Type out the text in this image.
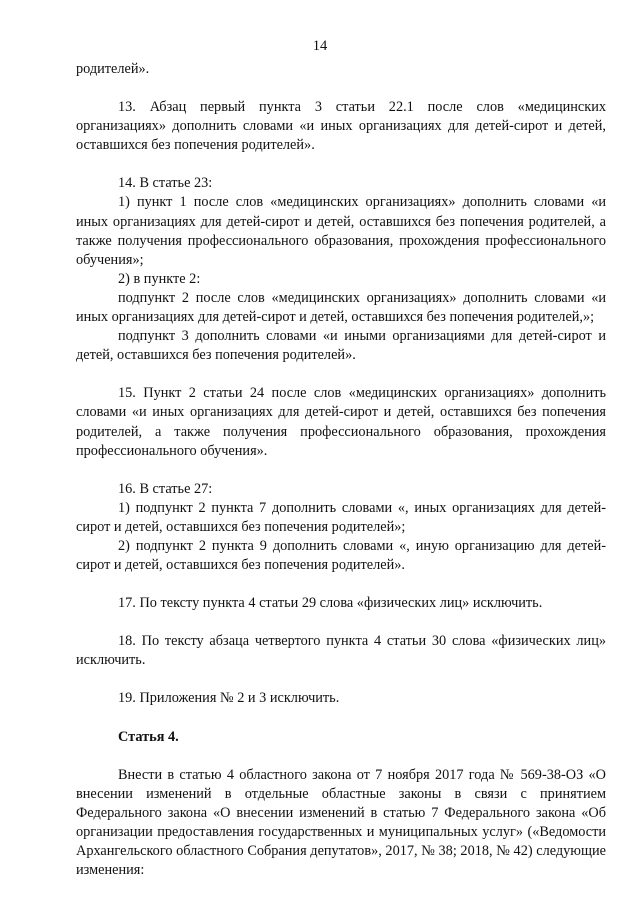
14

родителей».

13. Абзац первый пункта 3 статьи 22.1 после слов «медицинских организациях» дополнить словами «и иных организациях для детей-сирот и детей, оставшихся без попечения родителей».

14. В статье 23:

1) пункт 1 после слов «медицинских организациях» дополнить словами «и иных организациях для детей-сирот и детей, оставшихся без попечения родителей, а также получения профессионального образования, прохождения профессионального обучения»;

2) в пункте 2:

подпункт 2 после слов «медицинских организациях» дополнить словами «и иных организациях для детей-сирот и детей, оставшихся без попечения родителей,»;

подпункт 3 дополнить словами «и иными организациями для детей-сирот и детей, оставшихся без попечения родителей».

15. Пункт 2 статьи 24 после слов «медицинских организациях» дополнить словами «и иных организациях для детей-сирот и детей, оставшихся без попечения родителей, а также получения профессионального образования, прохождения профессионального обучения».

16. В статье 27:

1) подпункт 2 пункта 7 дополнить словами «, иных организациях для детей-сирот и детей, оставшихся без попечения родителей»;

2) подпункт 2 пункта 9 дополнить словами «, иную организацию для детей-сирот и детей, оставшихся без попечения родителей».

17. По тексту пункта 4 статьи 29 слова «физических лиц» исключить.

18. По тексту абзаца четвертого пункта 4 статьи 30 слова «физических лиц» исключить.

19. Приложения № 2 и 3 исключить.

Статья 4.

Внести в статью 4 областного закона от 7 ноября 2017 года № 569-38-ОЗ «О внесении изменений в отдельные областные законы в связи с принятием Федерального закона «О внесении изменений в статью 7 Федерального закона «Об организации предоставления государственных и муниципальных услуг» («Ведомости Архангельского областного Собрания депутатов», 2017, № 38; 2018, № 42) следующие изменения:
